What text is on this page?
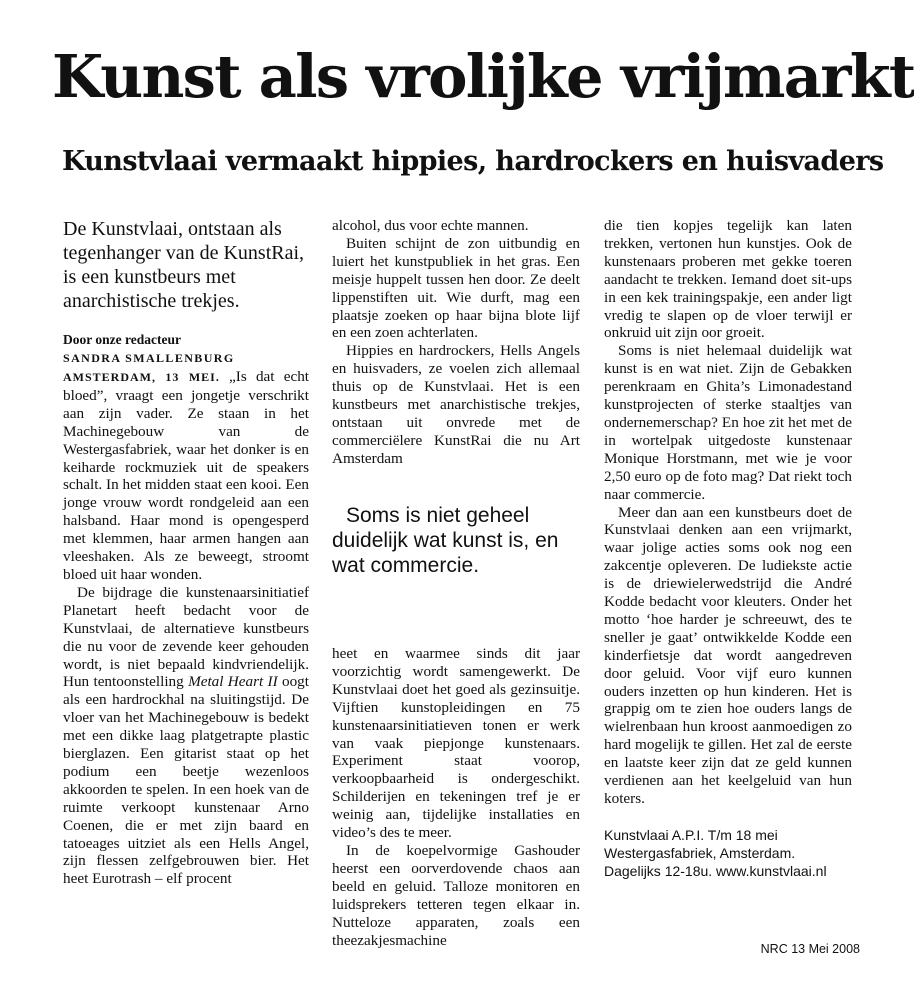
Kunst als vrolijke vrijmarkt
Kunstvlaai vermaakt hippies, hardrockers en huisvaders

De Kunstvlaai, ontstaan als tegenhanger van de KunstRai, is een kunstbeurs met anarchistische trekjes.

Door onze redacteur

SANDRA SMALLENBURG

AMSTERDAM, 13 MEI. „Is dat echt bloed”, vraagt een jongetje verschrikt aan zijn vader. Ze staan in het Machinegebouw van de Westergasfabriek, waar het donker is en keiharde rockmuziek uit de speakers schalt. In het midden staat een kooi. Een jonge vrouw wordt rondgeleid aan een halsband. Haar mond is opengesperd met klemmen, haar armen hangen aan vleeshaken. Als ze beweegt, stroomt bloed uit haar wonden.

De bijdrage die kunstenaarsinitiatief Planetart heeft bedacht voor de Kunstvlaai, de alternatieve kunstbeurs die nu voor de zevende keer gehouden wordt, is niet bepaald kindvriendelijk. Hun tentoonstelling Metal Heart II oogt als een hardrockhal na sluitingstijd. De vloer van het Machinegebouw is bedekt met een dikke laag platgetrapte plastic bierglazen. Een gitarist staat op het podium een beetje wezenloos akkoorden te spelen. In een hoek van de ruimte verkoopt kunstenaar Arno Coenen, die er met zijn baard en tatoeages uitziet als een Hells Angel, zijn flessen zelfgebrouwen bier. Het heet Eurotrash – elf procent

alcohol, dus voor echte mannen.

Buiten schijnt de zon uitbundig en luiert het kunstpubliek in het gras. Een meisje huppelt tussen hen door. Ze deelt lippenstiften uit. Wie durft, mag een plaatsje zoeken op haar bijna blote lijf en een zoen achterlaten.

Hippies en hardrockers, Hells Angels en huisvaders, ze voelen zich allemaal thuis op de Kunstvlaai. Het is een kunstbeurs met anarchistische trekjes, ontstaan uit onvrede met de commerciëlere KunstRai die nu Art Amsterdam

Soms is niet geheel duidelijk wat kunst is, en wat commercie.

heet en waarmee sinds dit jaar voorzichtig wordt samengewerkt. De Kunstvlaai doet het goed als gezinsuitje. Vijftien kunstopleidingen en 75 kunstenaarsinitiatieven tonen er werk van vaak piepjonge kunstenaars. Experiment staat voorop, verkoopbaarheid is ondergeschikt. Schilderijen en tekeningen tref je er weinig aan, tijdelijke installaties en video’s des te meer.

In de koepelvormige Gashouder heerst een oorverdovende chaos aan beeld en geluid. Talloze monitoren en luidsprekers tetteren tegen elkaar in. Nutteloze apparaten, zoals een theezakjesmachine

die tien kopjes tegelijk kan laten trekken, vertonen hun kunstjes. Ook de kunstenaars proberen met gekke toeren aandacht te trekken. Iemand doet sit-ups in een kek trainingspakje, een ander ligt vredig te slapen op de vloer terwijl er onkruid uit zijn oor groeit.

Soms is niet helemaal duidelijk wat kunst is en wat niet. Zijn de Gebakken perenkraam en Ghita’s Limonadestand kunstprojecten of sterke staaltjes van ondernemerschap? En hoe zit het met de in wortelpak uitgedoste kunstenaar Monique Horstmann, met wie je voor 2,50 euro op de foto mag? Dat riekt toch naar commercie.

Meer dan aan een kunstbeurs doet de Kunstvlaai denken aan een vrijmarkt, waar jolige acties soms ook nog een zakcentje opleveren. De ludiekste actie is de driewielerwedstrijd die André Kodde bedacht voor kleuters. Onder het motto ‘hoe harder je schreeuwt, des te sneller je gaat’ ontwikkelde Kodde een kinderfietsje dat wordt aangedreven door geluid. Voor vijf euro kunnen ouders inzetten op hun kinderen. Het is grappig om te zien hoe ouders langs de wielrenbaan hun kroost aanmoedigen zo hard mogelijk te gillen. Het zal de eerste en laatste keer zijn dat ze geld kunnen verdienen aan het keelgeluid van hun koters.

Kunstvlaai A.P.I. T/m 18 mei Westergasfabriek, Amsterdam. Dagelijks 12-18u. www.kunstvlaai.nl

NRC 13 Mei 2008
